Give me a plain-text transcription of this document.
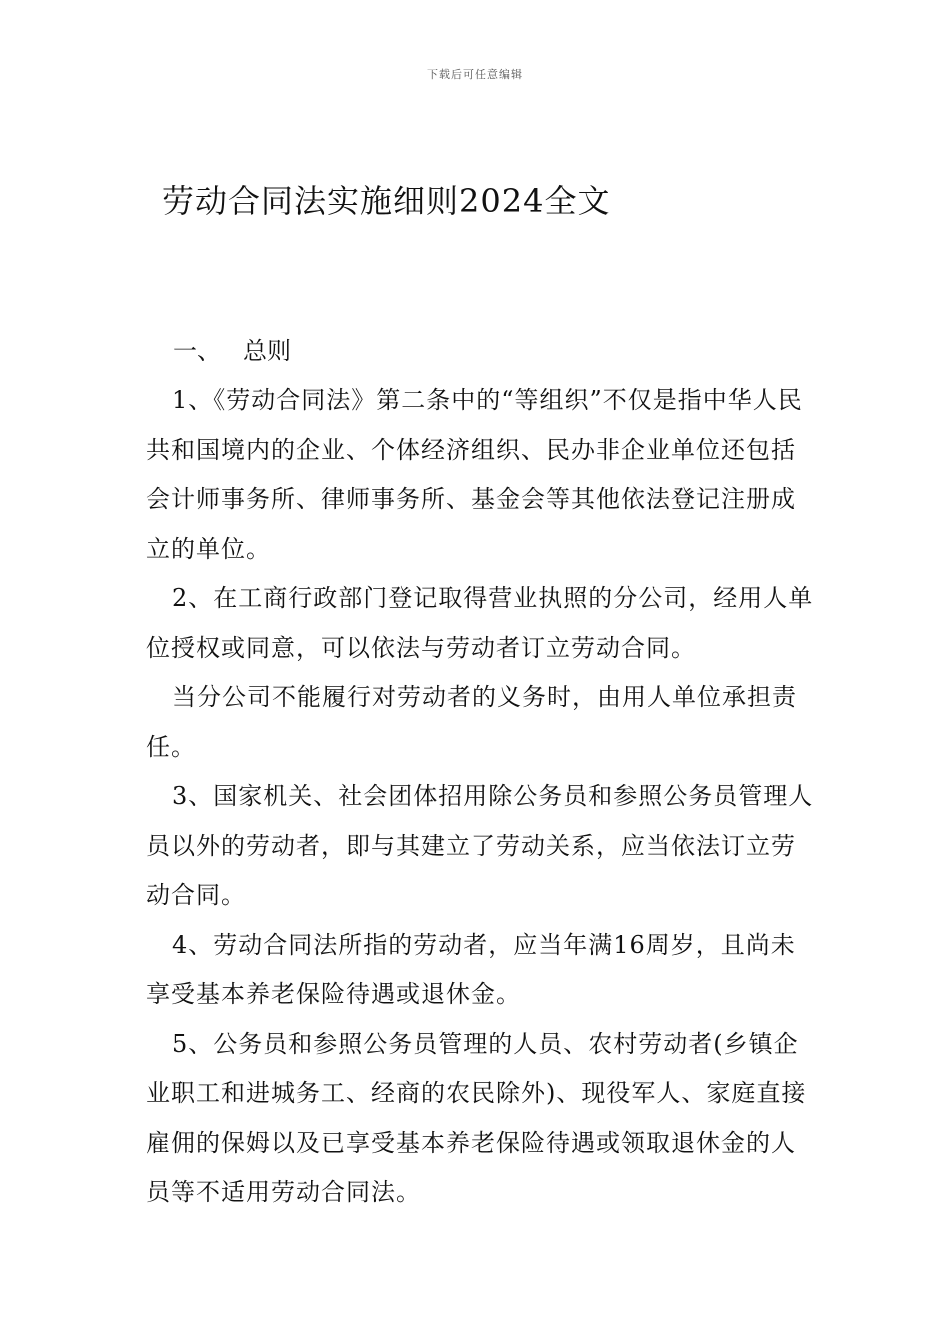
下载后可任意编辑
劳动合同法实施细则2024全文
一、 总则

1、《劳动合同法》第二条中的“等组织”不仅是指中华人民共和国境内的企业、个体经济组织、民办非企业单位还包括会计师事务所、律师事务所、基金会等其他依法登记注册成立的单位。

2、在工商行政部门登记取得营业执照的分公司，经用人单位授权或同意，可以依法与劳动者订立劳动合同。

当分公司不能履行对劳动者的义务时，由用人单位承担责任。

3、国家机关、社会团体招用除公务员和参照公务员管理人员以外的劳动者，即与其建立了劳动关系，应当依法订立劳动合同。

4、劳动合同法所指的劳动者，应当年满16周岁，且尚未享受基本养老保险待遇或退休金。

5、公务员和参照公务员管理的人员、农村劳动者(乡镇企业职工和进城务工、经商的农民除外)、现役军人、家庭直接雇佣的保姆以及已享受基本养老保险待遇或领取退休金的人员等不适用劳动合同法。
